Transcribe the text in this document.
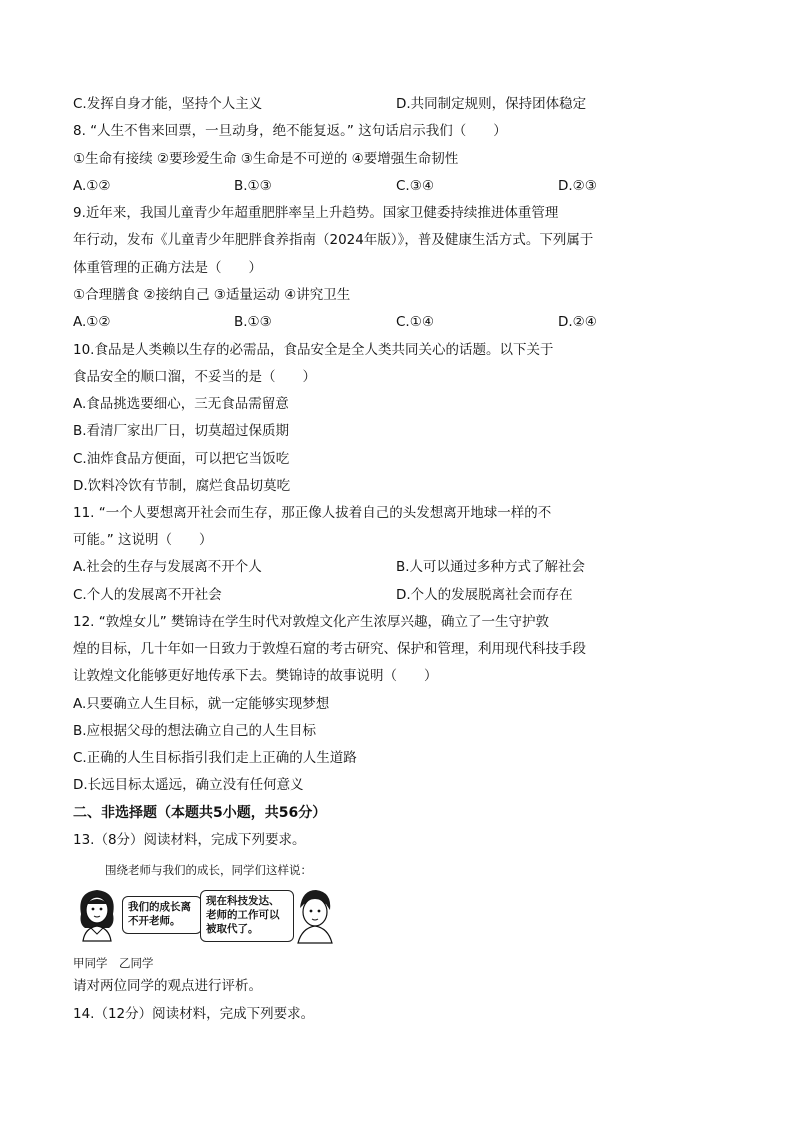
C.发挥自身才能，坚持个人主义	D.共同制定规则，保持团体稳定
8. “人生不售来回票，一旦动身，绝不能复返。” 这句话启示我们（　　）
①生命有接续 ②要珍爱生命 ③生命是不可逆的 ④要增强生命韧性
A.①②	B.①③	C.③④	D.②③
9.近年来，我国儿童青少年超重肥胖率呈上升趋势。国家卫健委持续推进体重管理
年行动，发布《儿童青少年肥胖食养指南（2024年版）》，普及健康生活方式。下列属于
体重管理的正确方法是（　　）
①合理膳食 ②接纳自己 ③适量运动 ④讲究卫生
A.①②	B.①③	C.①④	D.②④
10.食品是人类赖以生存的必需品，食品安全是全人类共同关心的话题。以下关于
食品安全的顺口溜，不妥当的是（　　）
A.食品挑选要细心，三无食品需留意
B.看清厂家出厂日，切莫超过保质期
C.油炸食品方便面，可以把它当饭吃
D.饮料冷饮有节制，腐烂食品切莫吃
11. “一个人要想离开社会而生存，那正像人拔着自己的头发想离开地球一样的不
可能。” 这说明（　　）
A.社会的生存与发展离不开个人	B.人可以通过多种方式了解社会
C.个人的发展离不开社会	D.个人的发展脱离社会而存在
12. “敦煌女儿” 樊锦诗在学生时代对敦煌文化产生浓厚兴趣，确立了一生守护敦
煌的目标，几十年如一日致力于敦煌石窟的考古研究、保护和管理，利用现代科技手段
让敦煌文化能够更好地传承下去。樊锦诗的故事说明（　　）
A.只要确立人生目标，就一定能够实现梦想
B.应根据父母的想法确立自己的人生目标
C.正确的人生目标指引我们走上正确的人生道路
D.长远目标太遥远，确立没有任何意义
二、非选择题（本题共5小题，共56分）
13.（8分）阅读材料，完成下列要求。
围绕老师与我们的成长，同学们这样说：
我们的成长离不开老师。
现在科技发达、老师的工作可以被取代了。
甲同学　乙同学
请对两位同学的观点进行评析。
14.（12分）阅读材料，完成下列要求。
